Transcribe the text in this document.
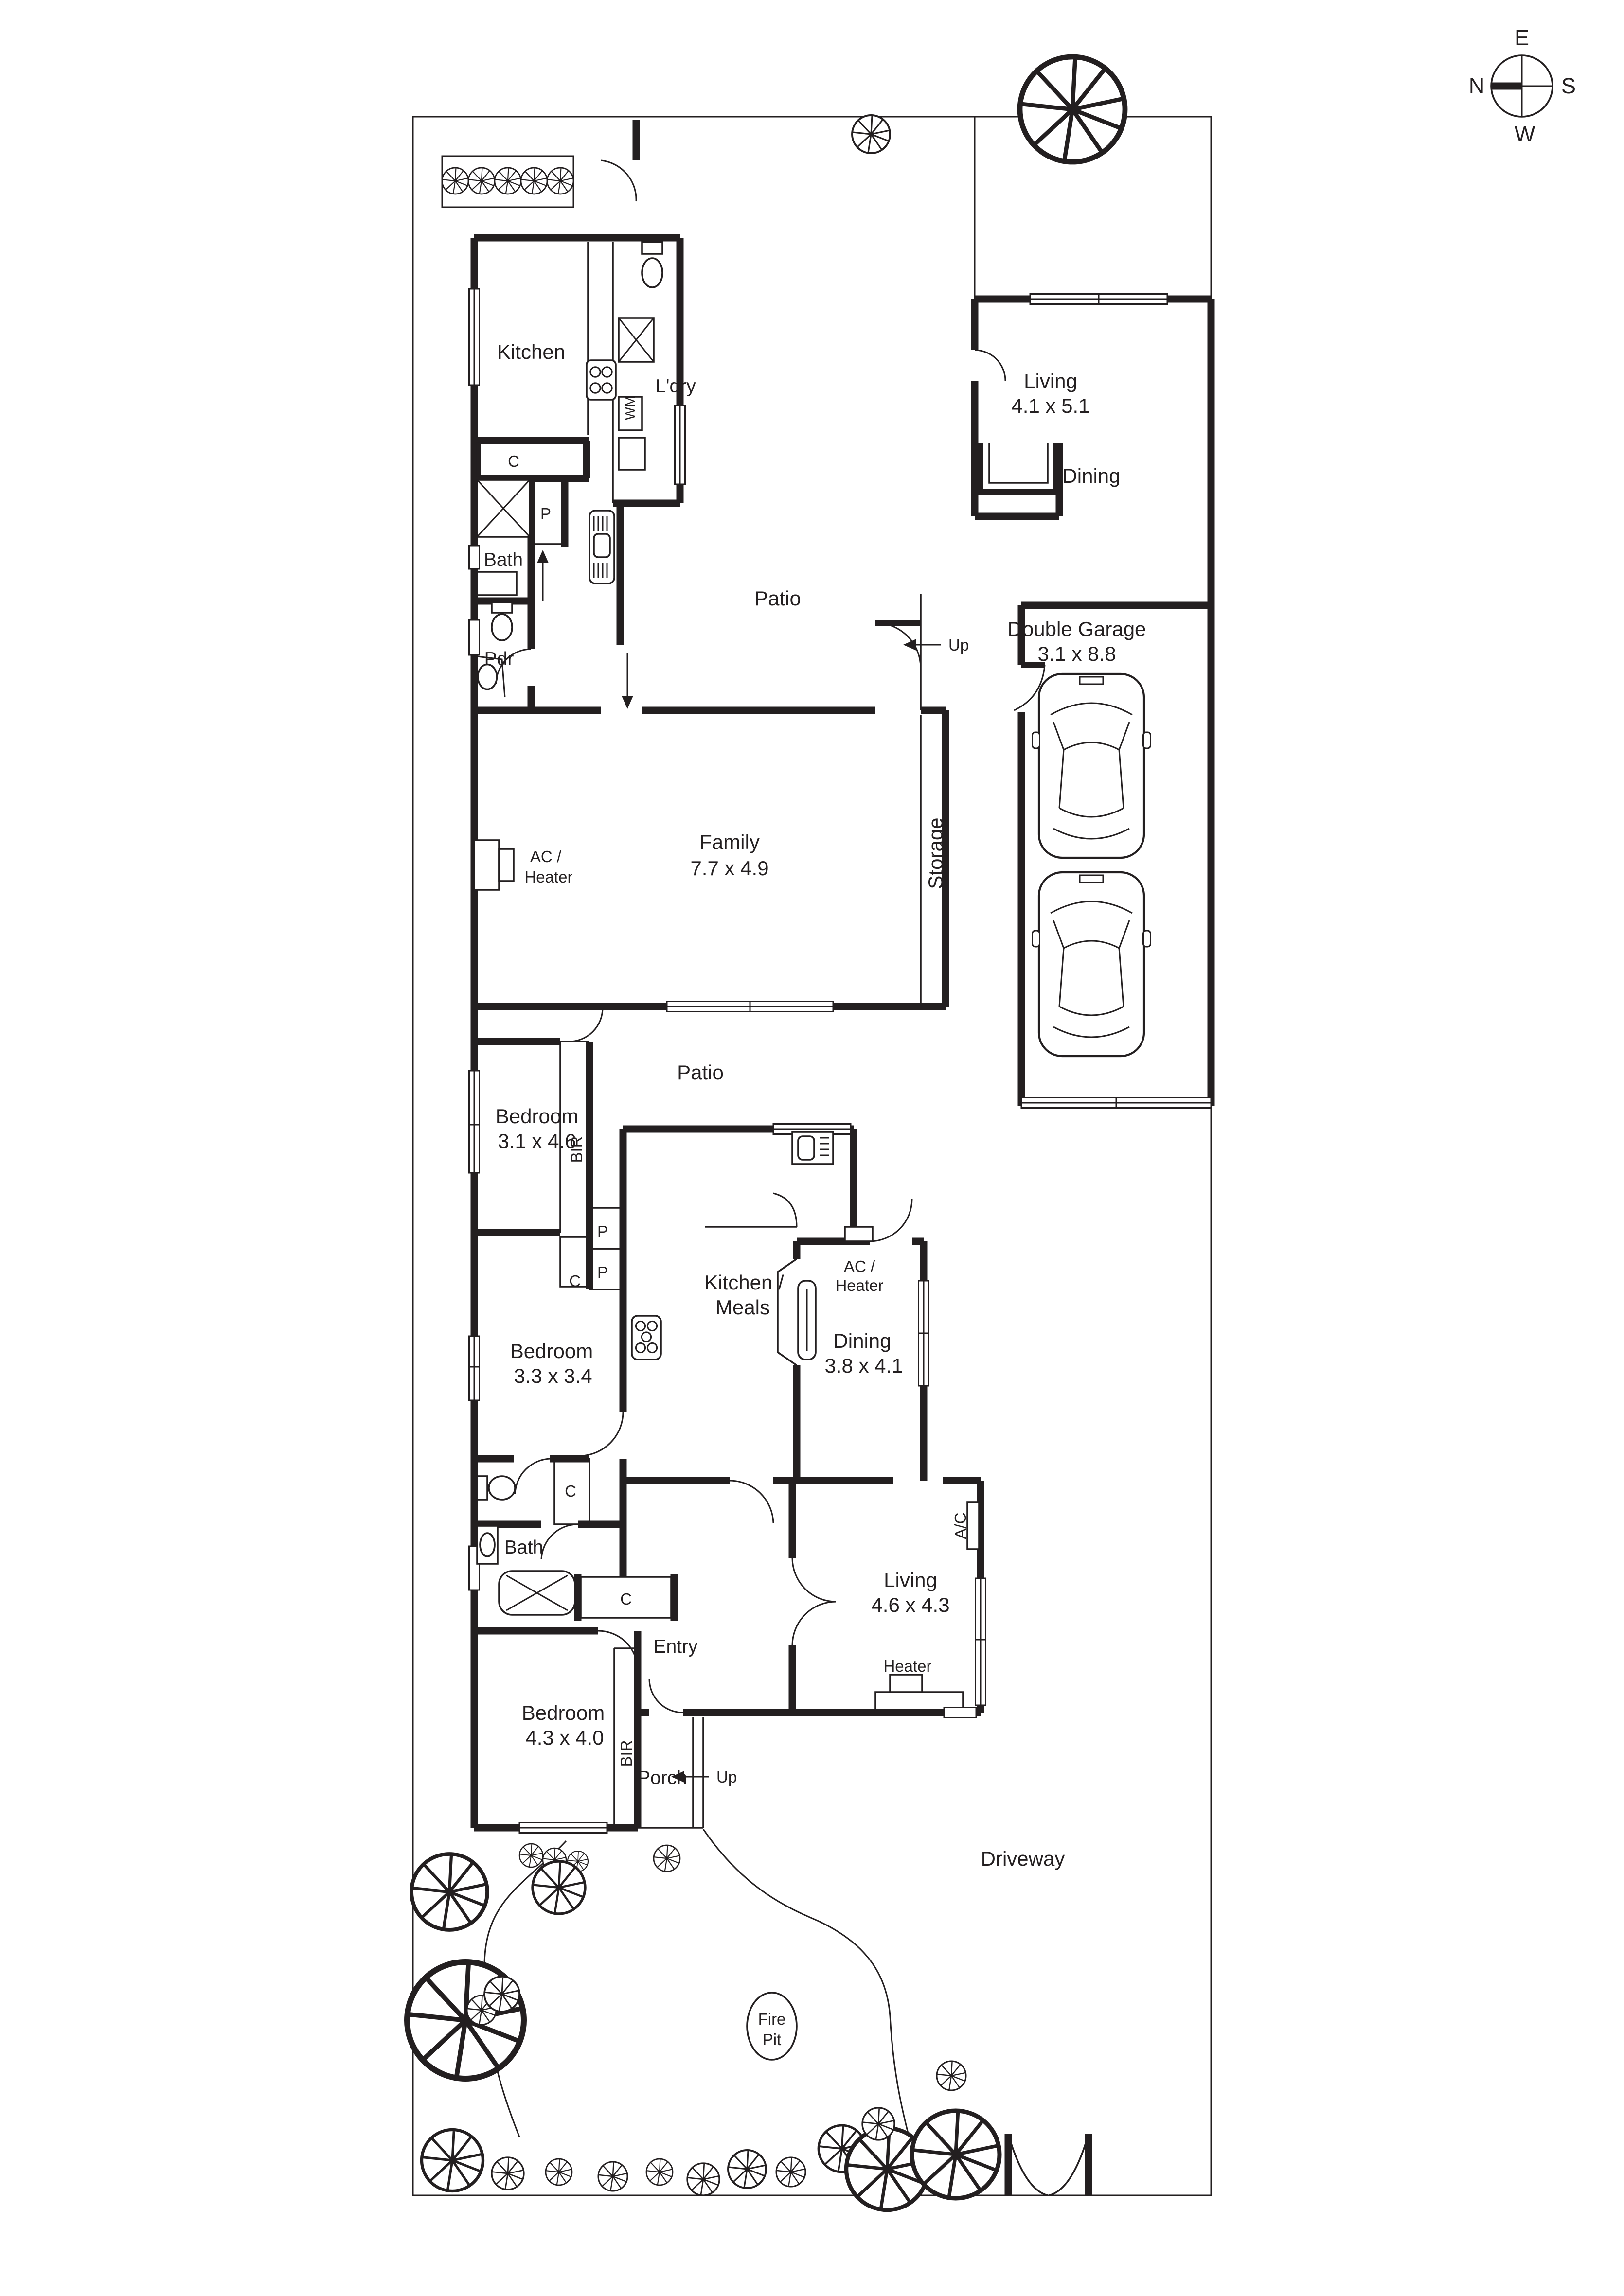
N
E
S
W
Kitchen
L'dry
WM
C
P
Bath
Pdr
Living
4.1 x 5.1
Dining
Double Garage
3.1 x 8.8
Patio
Up
Family
7.7 x 4.9	Storage
AC /
Heater
Patio
Bedroom
3.1 x 4.6
BIR
P
P
C	Kitchen /
Meals
AC /
Heater
Dining
3.8 x 4.1
Bedroom
3.3 x 3.4
C
Bath
C
Entry
A/C
Living
4.6 x 4.3
Heater
Bedroom
4.3 x 4.0
BIR
Porch	Up
Driveway
Fire
Pit
